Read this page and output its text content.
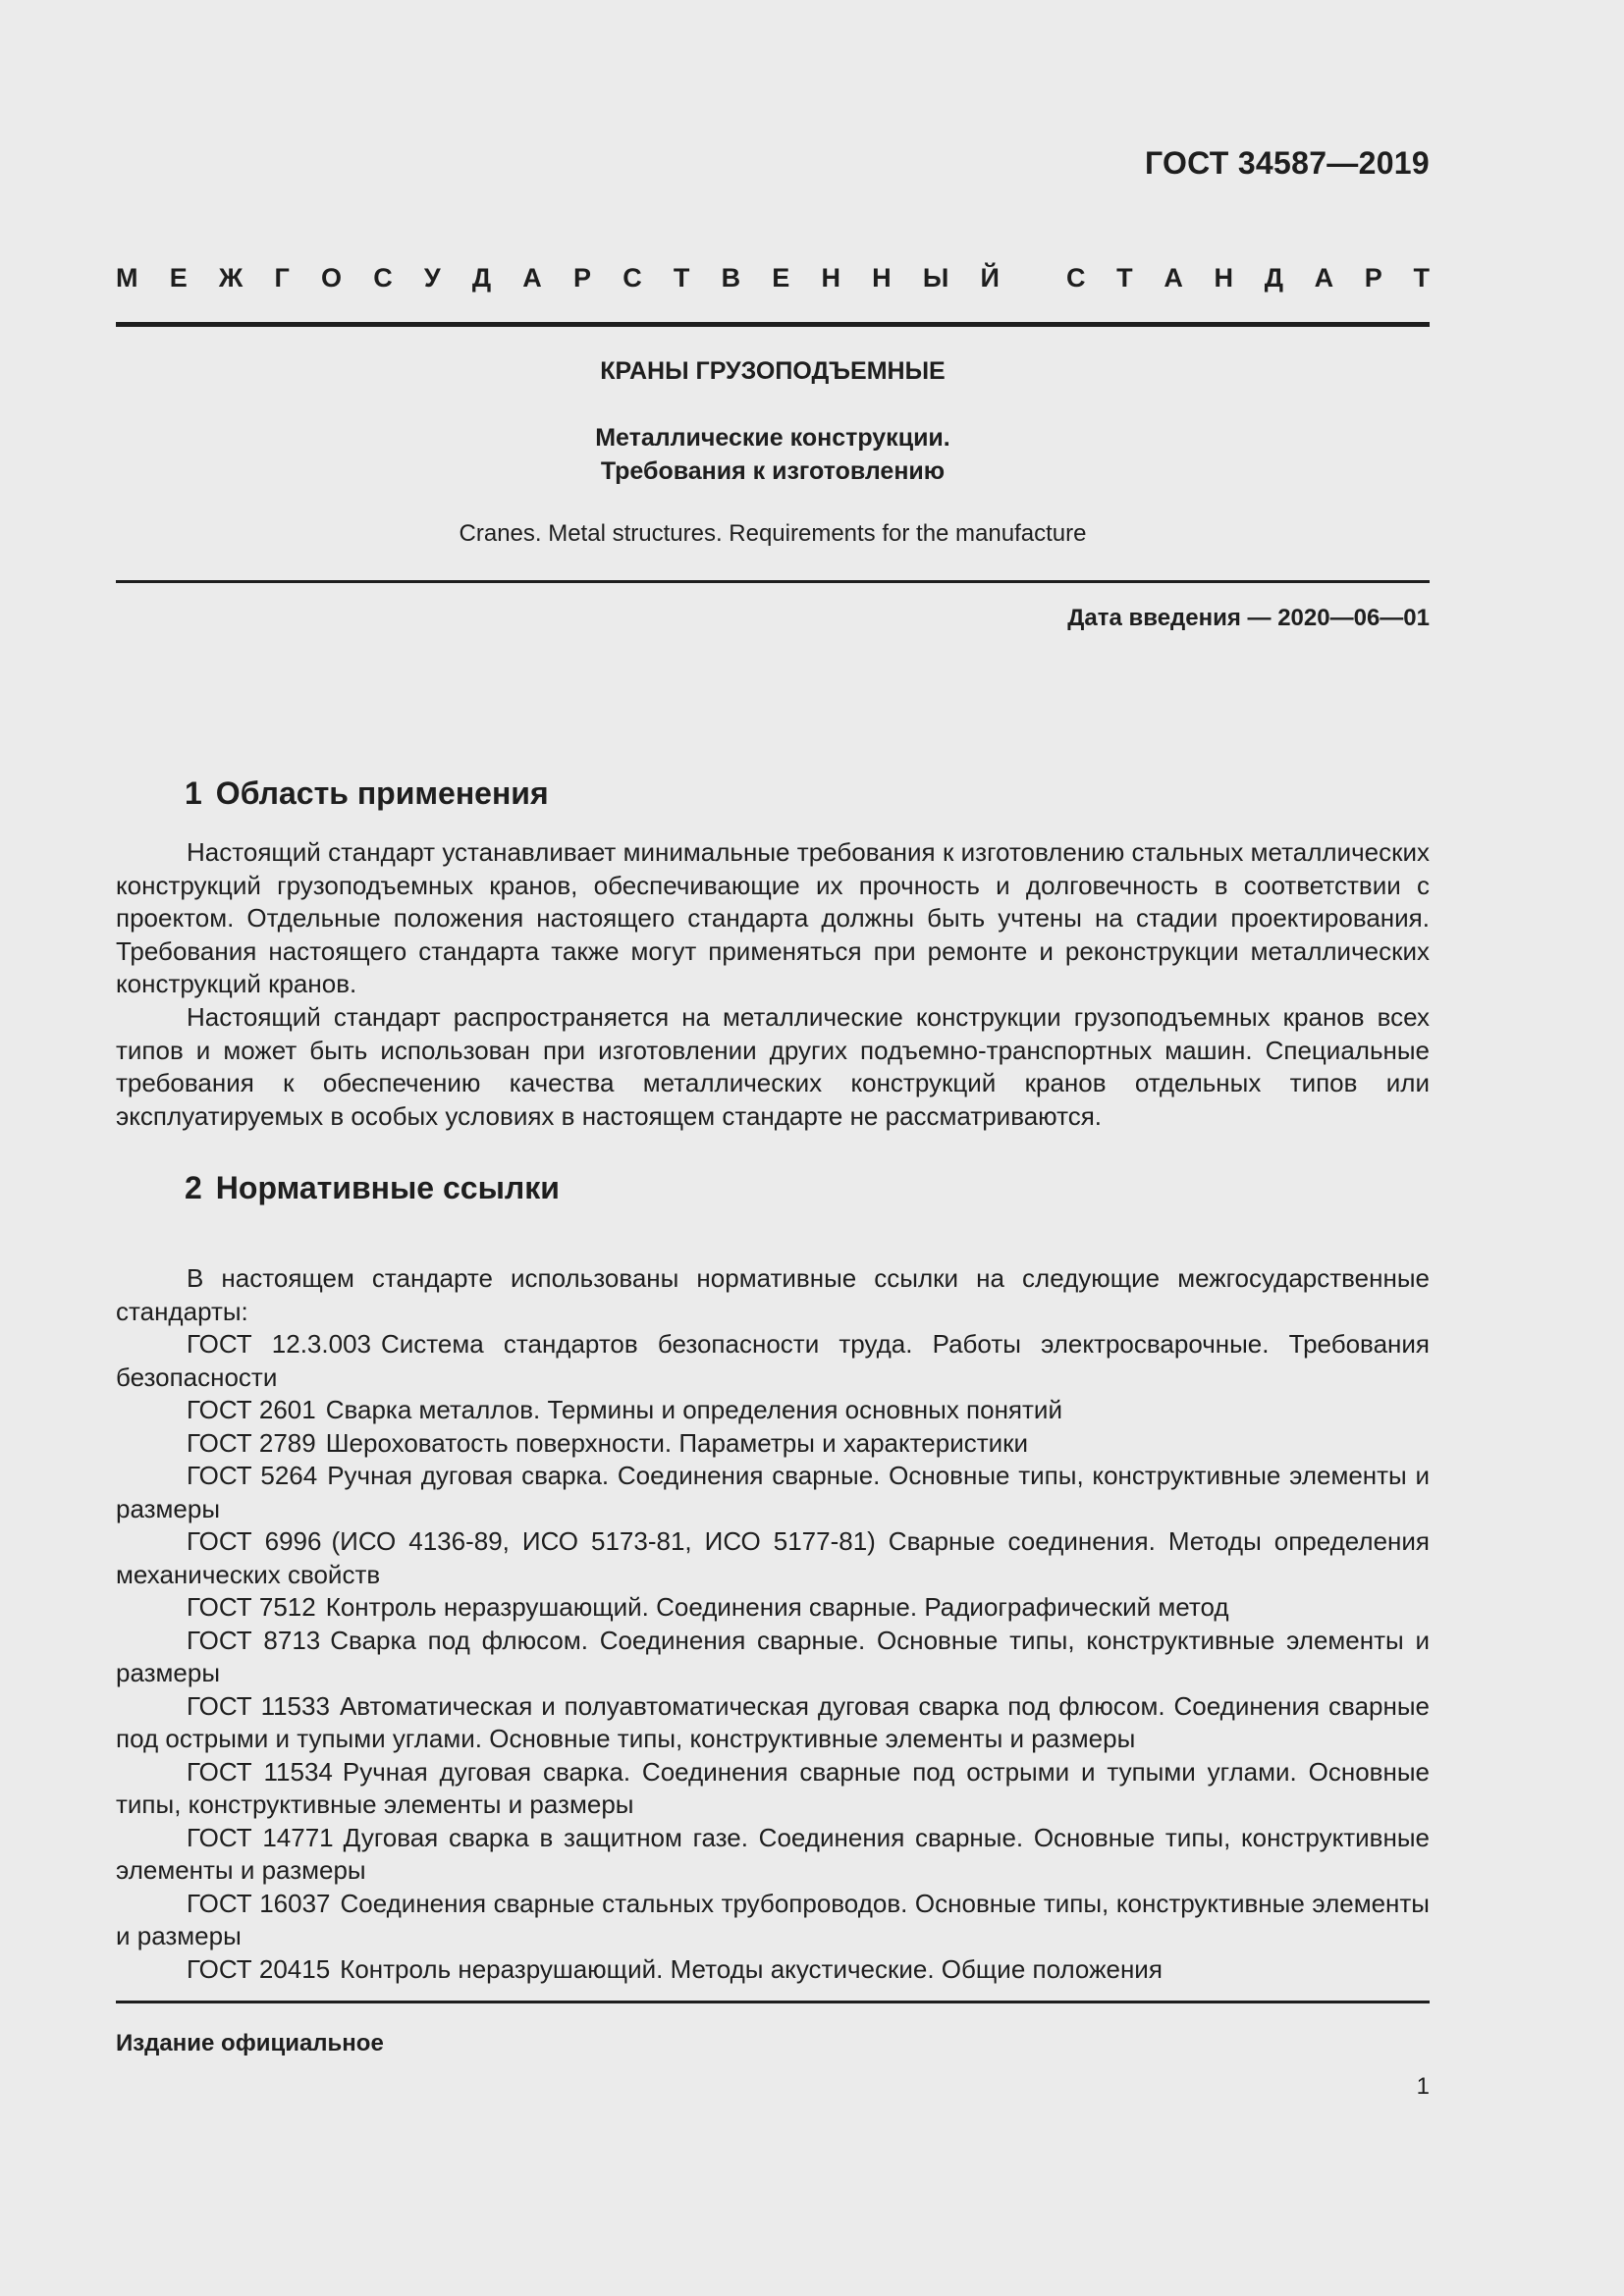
ГОСТ 34587—2019
М Е Ж Г О С У Д А Р С Т В Е Н Н Ы Й	С Т А Н Д А Р Т
КРАНЫ ГРУЗОПОДЪЕМНЫЕ
Металлические конструкции.
Требования к изготовлению
Cranes. Metal structures. Requirements for the manufacture
Дата введения — 2020—06—01
1 Область применения
Настоящий стандарт устанавливает минимальные требования к изготовлению стальных металлических конструкций грузоподъемных кранов, обеспечивающие их прочность и долговечность в соответствии с проектом. Отдельные положения настоящего стандарта должны быть учтены на стадии проектирования. Требования настоящего стандарта также могут применяться при ремонте и реконструкции металлических конструкций кранов.
Настоящий стандарт распространяется на металлические конструкции грузоподъемных кранов всех типов и может быть использован при изготовлении других подъемно-транспортных машин. Специальные требования к обеспечению качества металлических конструкций кранов отдельных типов или эксплуатируемых в особых условиях в настоящем стандарте не рассматриваются.
2 Нормативные ссылки
В настоящем стандарте использованы нормативные ссылки на следующие межгосударственные стандарты:
ГОСТ 12.3.003 Система стандартов безопасности труда. Работы электросварочные. Требования безопасности
ГОСТ 2601 Сварка металлов. Термины и определения основных понятий
ГОСТ 2789 Шероховатость поверхности. Параметры и характеристики
ГОСТ 5264 Ручная дуговая сварка. Соединения сварные. Основные типы, конструктивные элементы и размеры
ГОСТ 6996 (ИСО 4136-89, ИСО 5173-81, ИСО 5177-81) Сварные соединения. Методы определения механических свойств
ГОСТ 7512 Контроль неразрушающий. Соединения сварные. Радиографический метод
ГОСТ 8713 Сварка под флюсом. Соединения сварные. Основные типы, конструктивные элементы и размеры
ГОСТ 11533 Автоматическая и полуавтоматическая дуговая сварка под флюсом. Соединения сварные под острыми и тупыми углами. Основные типы, конструктивные элементы и размеры
ГОСТ 11534 Ручная дуговая сварка. Соединения сварные под острыми и тупыми углами. Основные типы, конструктивные элементы и размеры
ГОСТ 14771 Дуговая сварка в защитном газе. Соединения сварные. Основные типы, конструктивные элементы и размеры
ГОСТ 16037 Соединения сварные стальных трубопроводов. Основные типы, конструктивные элементы и размеры
ГОСТ 20415 Контроль неразрушающий. Методы акустические. Общие положения
Издание официальное
1
